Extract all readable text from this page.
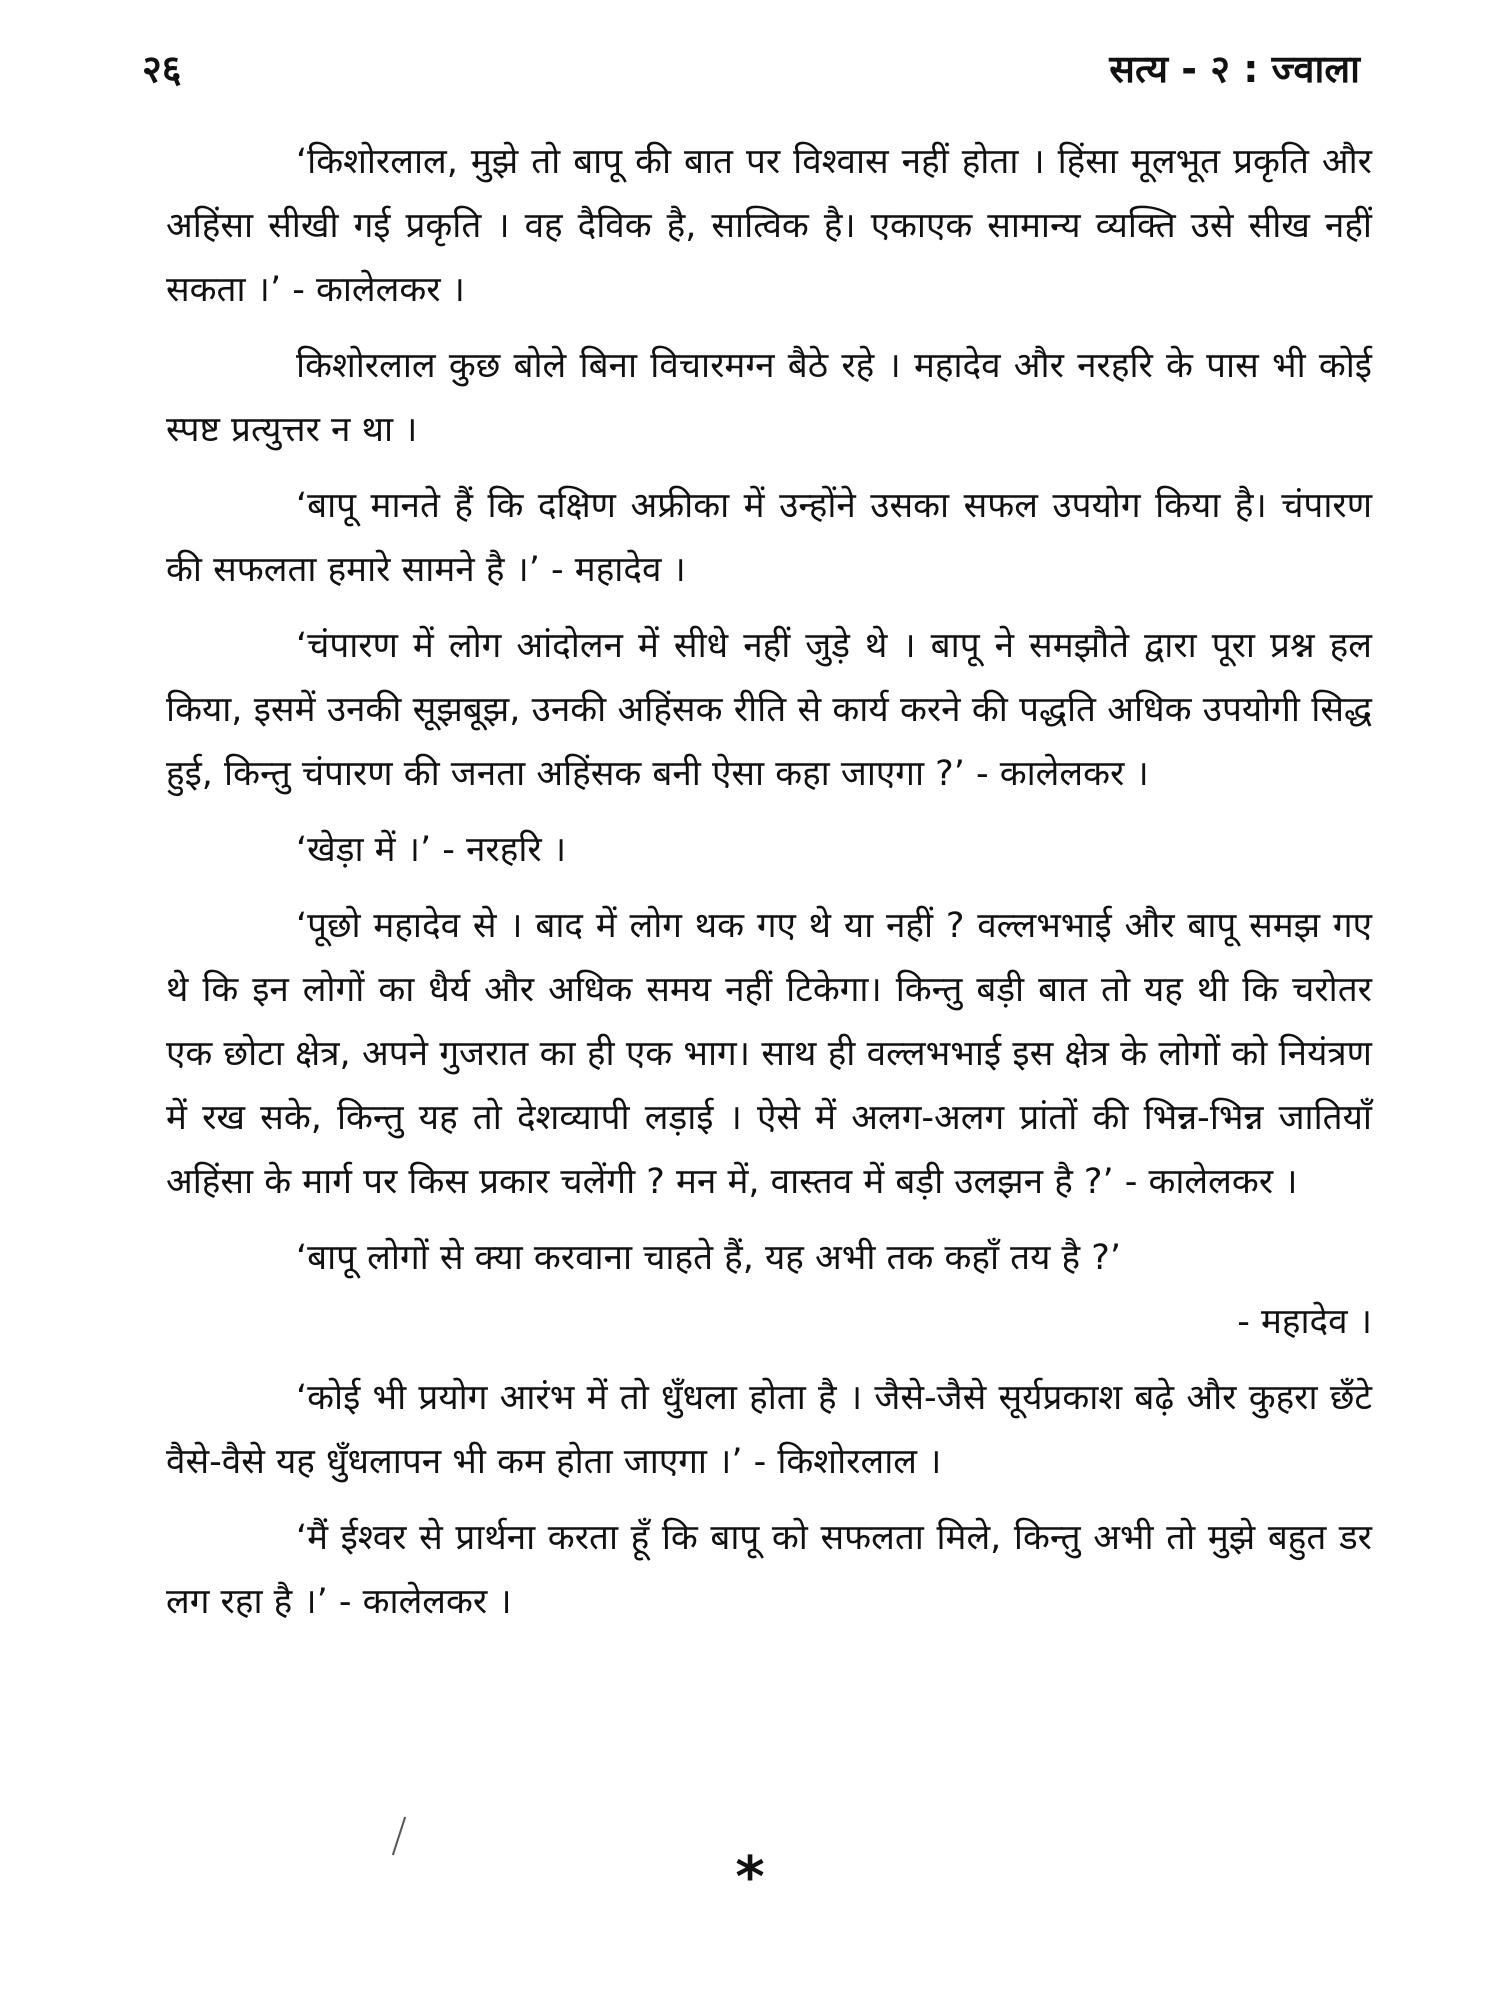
२६	सत्य - २ : ज्वाला

‘किशोरलाल, मुझे तो बापू की बात पर विश्वास नहीं होता । हिंसा मूलभूत प्रकृति और अहिंसा सीखी गई प्रकृति । वह दैविक है, सात्विक है। एकाएक सामान्य व्यक्ति उसे सीख नहीं सकता ।’ - कालेलकर ।

किशोरलाल कुछ बोले बिना विचारमग्न बैठे रहे । महादेव और नरहरि के पास भी कोई स्पष्ट प्रत्युत्तर न था ।

‘बापू मानते हैं कि दक्षिण अफ्रीका में उन्होंने उसका सफल उपयोग किया है। चंपारण की सफलता हमारे सामने है ।’ - महादेव ।

‘चंपारण में लोग आंदोलन में सीधे नहीं जुड़े थे । बापू ने समझौते द्वारा पूरा प्रश्न हल किया, इसमें उनकी सूझबूझ, उनकी अहिंसक रीति से कार्य करने की पद्धति अधिक उपयोगी सिद्ध हुई, किन्तु चंपारण की जनता अहिंसक बनी ऐसा कहा जाएगा ?’ - कालेलकर ।

‘खेड़ा में ।’ - नरहरि ।

‘पूछो महादेव से । बाद में लोग थक गए थे या नहीं ? वल्लभभाई और बापू समझ गए थे कि इन लोगों का धैर्य और अधिक समय नहीं टिकेगा। किन्तु बड़ी बात तो यह थी कि चरोतर एक छोटा क्षेत्र, अपने गुजरात का ही एक भाग। साथ ही वल्लभभाई इस क्षेत्र के लोगों को नियंत्रण में रख सके, किन्तु यह तो देशव्यापी लड़ाई । ऐसे में अलग-अलग प्रांतों की भिन्न-भिन्न जातियाँ अहिंसा के मार्ग पर किस प्रकार चलेंगी ? मन में, वास्तव में बड़ी उलझन है ?’ - कालेलकर ।

‘बापू लोगों से क्या करवाना चाहते हैं, यह अभी तक कहाँ तय है ?’

- महादेव ।

‘कोई भी प्रयोग आरंभ में तो धुँधला होता है । जैसे-जैसे सूर्यप्रकाश बढ़े और कुहरा छँटे वैसे-वैसे यह धुँधलापन भी कम होता जाएगा ।’ - किशोरलाल ।

‘मैं ईश्वर से प्रार्थना करता हूँ कि बापू को सफलता मिले, किन्तु अभी तो मुझे बहुत डर लग रहा है ।’ - कालेलकर ।

*
